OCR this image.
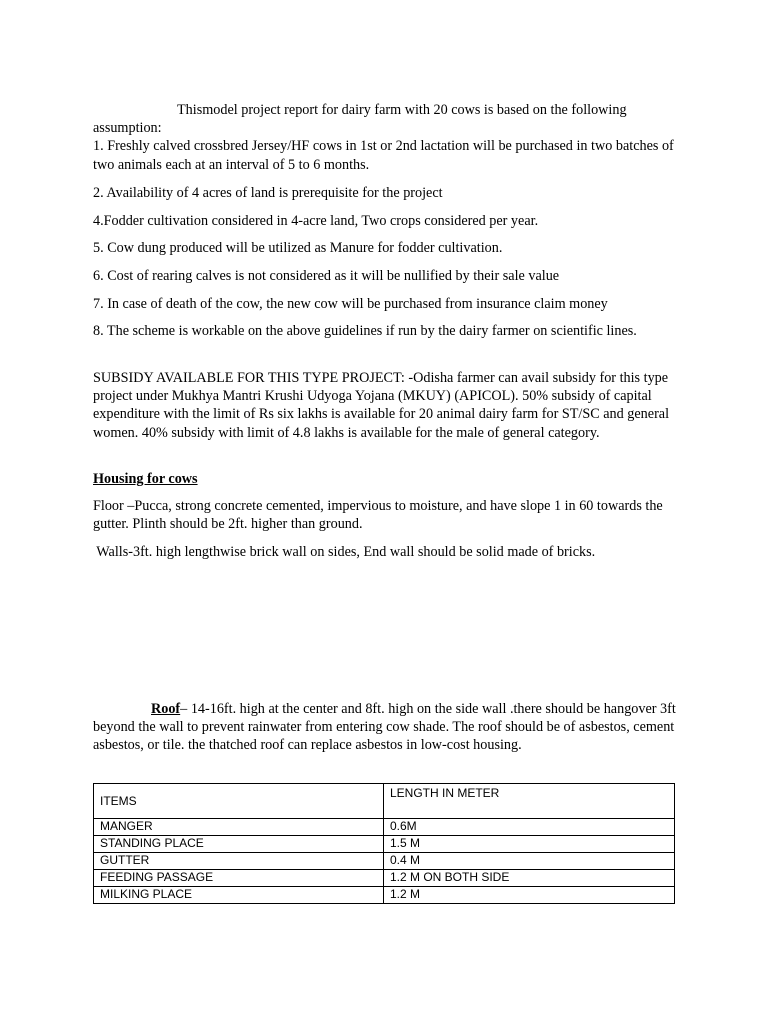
Thismodel project report for dairy farm with 20 cows is based on the following assumption:
1. Freshly calved crossbred Jersey/HF cows in 1st or 2nd lactation will be purchased in two batches of two animals each at an interval of 5 to 6 months.

2. Availability of 4 acres of land is prerequisite for the project

4.Fodder cultivation considered in 4-acre land, Two crops considered per year.

5. Cow dung produced will be utilized as Manure for fodder cultivation.

6. Cost of rearing calves is not considered as it will be nullified by their sale value

7. In case of death of the cow, the new cow will be purchased from insurance claim money

8. The scheme is workable on the above guidelines if run by the dairy farmer on scientific lines.

SUBSIDY AVAILABLE FOR THIS TYPE PROJECT: -Odisha farmer can avail subsidy for this type project under Mukhya Mantri Krushi Udyoga Yojana (MKUY) (APICOL). 50% subsidy of capital expenditure with the limit of Rs six lakhs is available for 20 animal dairy farm for ST/SC and general women. 40% subsidy with limit of 4.8 lakhs is available for the male of general category.

Housing for cows

Floor –Pucca, strong concrete cemented, impervious to moisture, and have slope 1 in 60 towards the gutter. Plinth should be 2ft. higher than ground.

Walls-3ft. high lengthwise brick wall on sides, End wall should be solid made of bricks.

Roof– 14-16ft. high at the center and 8ft. high on the side wall .there should be hangover 3ft beyond the wall to prevent rainwater from entering cow shade. The roof should be of asbestos, cement asbestos, or tile. the thatched roof can replace asbestos in low-cost housing.

ITEMS	LENGTH IN METER
MANGER	0.6M
STANDING PLACE	1.5 M
GUTTER	0.4 M
FEEDING PASSAGE	1.2 M ON BOTH SIDE
MILKING PLACE	1.2 M
